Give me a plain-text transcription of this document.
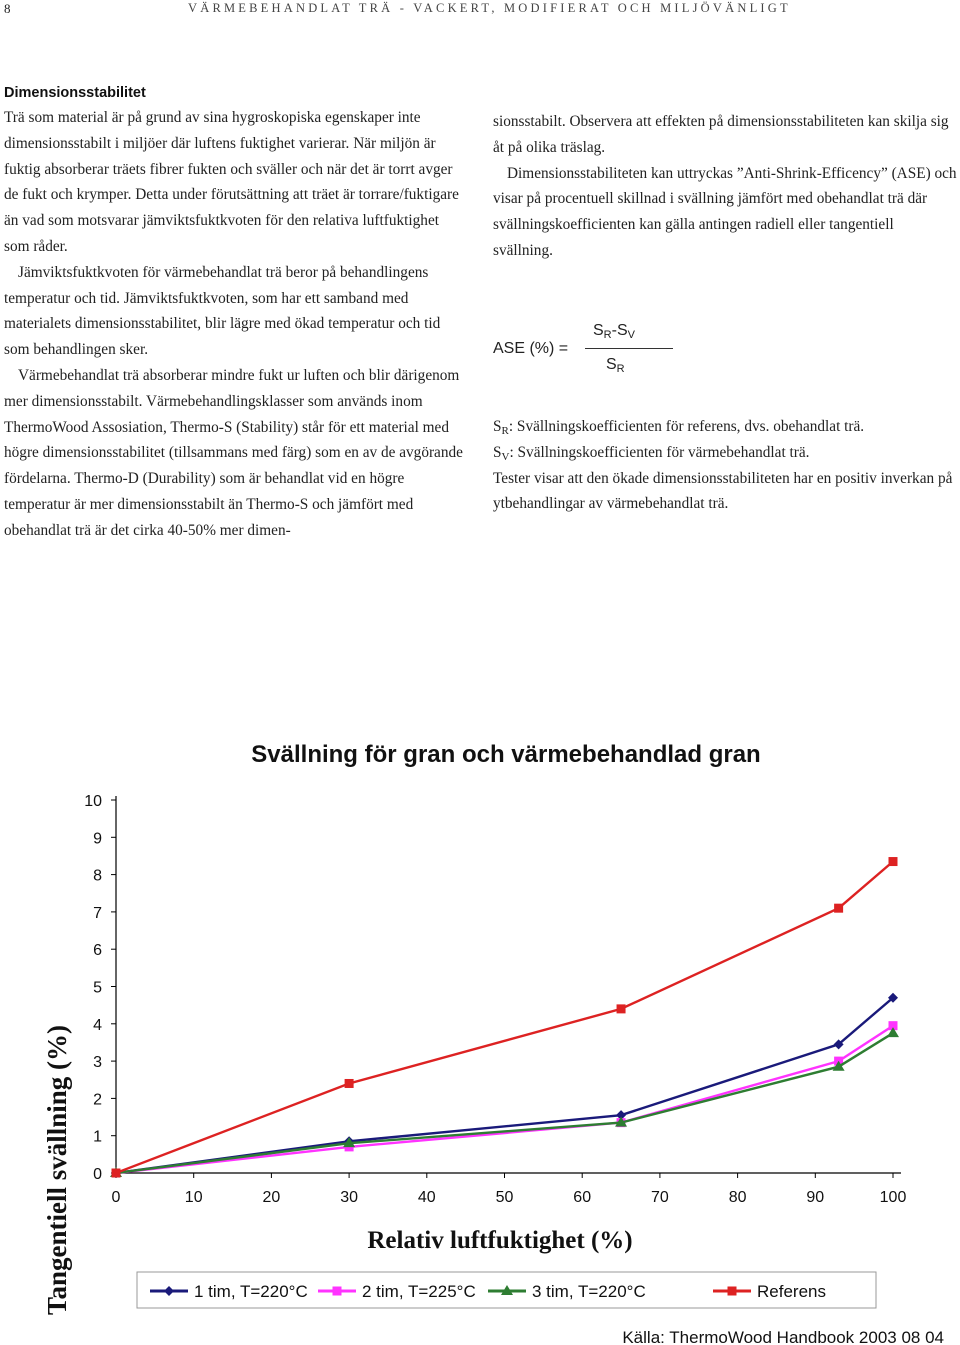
8	VÄRMEBEHANDLAT TRÄ - VACKERT, MODIFIERAT OCH MILJÖVÄNLIGT
Dimensionsstabilitet

Trä som material är på grund av sina hygroskopiska egenskaper inte dimensionsstabilt i miljöer där luftens fuktighet varierar. När miljön är fuktig absorberar träets fibrer fukten och sväller och när det är torrt avger de fukt och krymper. Detta under förutsättning att träet är torrare/fuktigare än vad som motsvarar jämviktsfuktkvoten för den relativa luftfuktighet som råder.

Jämviktsfuktkvoten för värmebehandlat trä beror på behandlingens temperatur och tid. Jämviktsfuktkvoten, som har ett samband med materialets dimensionsstabilitet, blir lägre med ökad temperatur och tid som behandlingen sker.

Värmebehandlat trä absorberar mindre fukt ur luften och blir därigenom mer dimensionsstabilt. Värmebehandlingsklasser som används inom ThermoWood Assosiation, Thermo-S (Stability) står för ett material med högre dimensionsstabilitet (tillsammans med färg) som en av de avgörande fördelarna. Thermo-D (Durability) som är behandlat vid en högre temperatur är mer dimensionsstabilt än Thermo-S och jämfört med obehandlat trä är det cirka 40-50% mer dimen-

sionsstabilt. Observera att effekten på dimensionsstabiliteten kan skilja sig åt på olika träslag.

Dimensionsstabiliteten kan uttryckas ”Anti-Shrink-Efficency” (ASE) och visar på procentuell skillnad i svällning jämfört med obehandlat trä där svällningskoefficienten kan gälla antingen radiell eller tangentiell svällning.

ASE (%) =
$S_R-S_V$
$S_R$

$S_R$: Svällningskoefficienten för referens, dvs. obehandlat trä.

$S_V$: Svällningskoefficienten för värmebehandlat trä.

Tester visar att den ökade dimensionsstabiliteten har en positiv inverkan på ytbehandlingar av värmebehandlat trä.

Svällning för gran och värmebehandlad gran
0
1
2
3
4
5
6
7
8
9
10
0	10	20	30	40	50	60	70	80	90	100
Tangentiell svällning (%)	Relativ luftfuktighet (%)
1 tim, T=220°C	2 tim, T=225°C	3 tim, T=220°C	Referens
Källa: ThermoWood Handbook 2003 08 04
